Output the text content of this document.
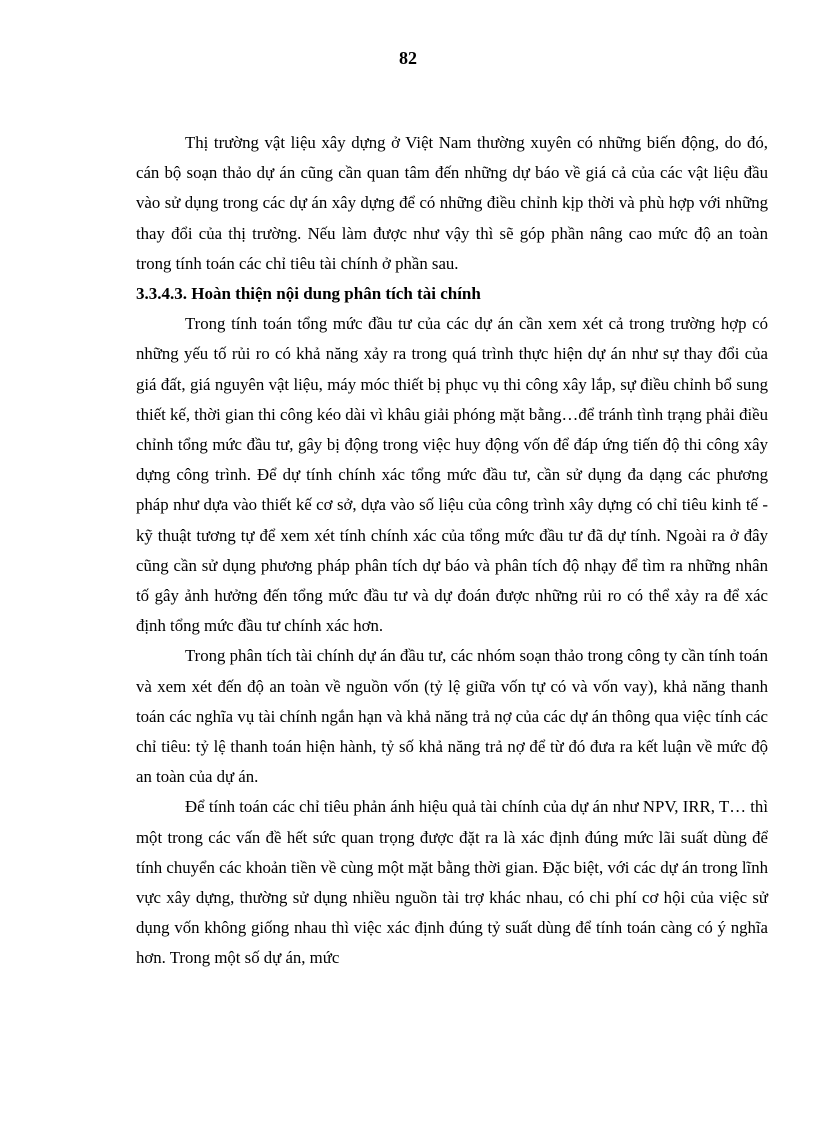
82

Thị trường vật liệu xây dựng ở Việt Nam thường xuyên có những biến động, do đó, cán bộ soạn thảo dự án cũng cần quan tâm đến những dự báo về giá cả của các vật liệu đầu vào sử dụng trong các dự án xây dựng để có những điều chỉnh kịp thời và phù hợp với những thay đổi của thị trường. Nếu làm được như vậy thì sẽ góp phần nâng cao mức độ an toàn trong tính toán các chỉ tiêu tài chính ở phần sau.

3.3.4.3. Hoàn thiện nội dung phân tích tài chính

Trong tính toán tổng mức đầu tư của các dự án cần xem xét cả trong trường hợp có những yếu tố rủi ro có khả năng xảy ra trong quá trình thực hiện dự án như sự thay đổi của giá đất, giá nguyên vật liệu, máy móc thiết bị phục vụ thi công xây lắp, sự điều chỉnh bổ sung thiết kế, thời gian thi công kéo dài vì khâu giải phóng mặt bằng…để tránh tình trạng phải điều chỉnh tổng mức đầu tư, gây bị động trong việc huy động vốn để đáp ứng tiến độ thi công xây dựng công trình. Để dự tính chính xác tổng mức đầu tư, cần sử dụng đa dạng các phương pháp như dựa vào thiết kế cơ sở, dựa vào số liệu của công trình xây dựng có chỉ tiêu kinh tế - kỹ thuật tương tự để xem xét tính chính xác của tổng mức đầu tư đã dự tính. Ngoài ra ở đây cũng cần sử dụng phương pháp phân tích dự báo và phân tích độ nhạy để tìm ra những nhân tố gây ảnh hưởng đến tổng mức đầu tư và dự đoán được những rủi ro có thể xảy ra để xác định tổng mức đầu tư chính xác hơn.

Trong phân tích tài chính dự án đầu tư, các nhóm soạn thảo trong công ty cần tính toán và xem xét đến độ an toàn về nguồn vốn (tỷ lệ giữa vốn tự có và vốn vay), khả năng thanh toán các nghĩa vụ tài chính ngắn hạn và khả năng trả nợ của các dự án thông qua việc tính các chỉ tiêu: tỷ lệ thanh toán hiện hành, tỷ số khả năng trả nợ để từ đó đưa ra kết luận về mức độ an toàn của dự án.

Để tính toán các chỉ tiêu phản ánh hiệu quả tài chính của dự án như NPV, IRR, T… thì một trong các vấn đề hết sức quan trọng được đặt ra là xác định đúng mức lãi suất dùng để tính chuyển các khoản tiền về cùng một mặt bằng thời gian. Đặc biệt, với các dự án trong lĩnh vực xây dựng, thường sử dụng nhiều nguồn tài trợ khác nhau, có chi phí cơ hội của việc sử dụng vốn không giống nhau thì việc xác định đúng tỷ suất dùng để tính toán càng có ý nghĩa hơn. Trong một số dự án, mức
